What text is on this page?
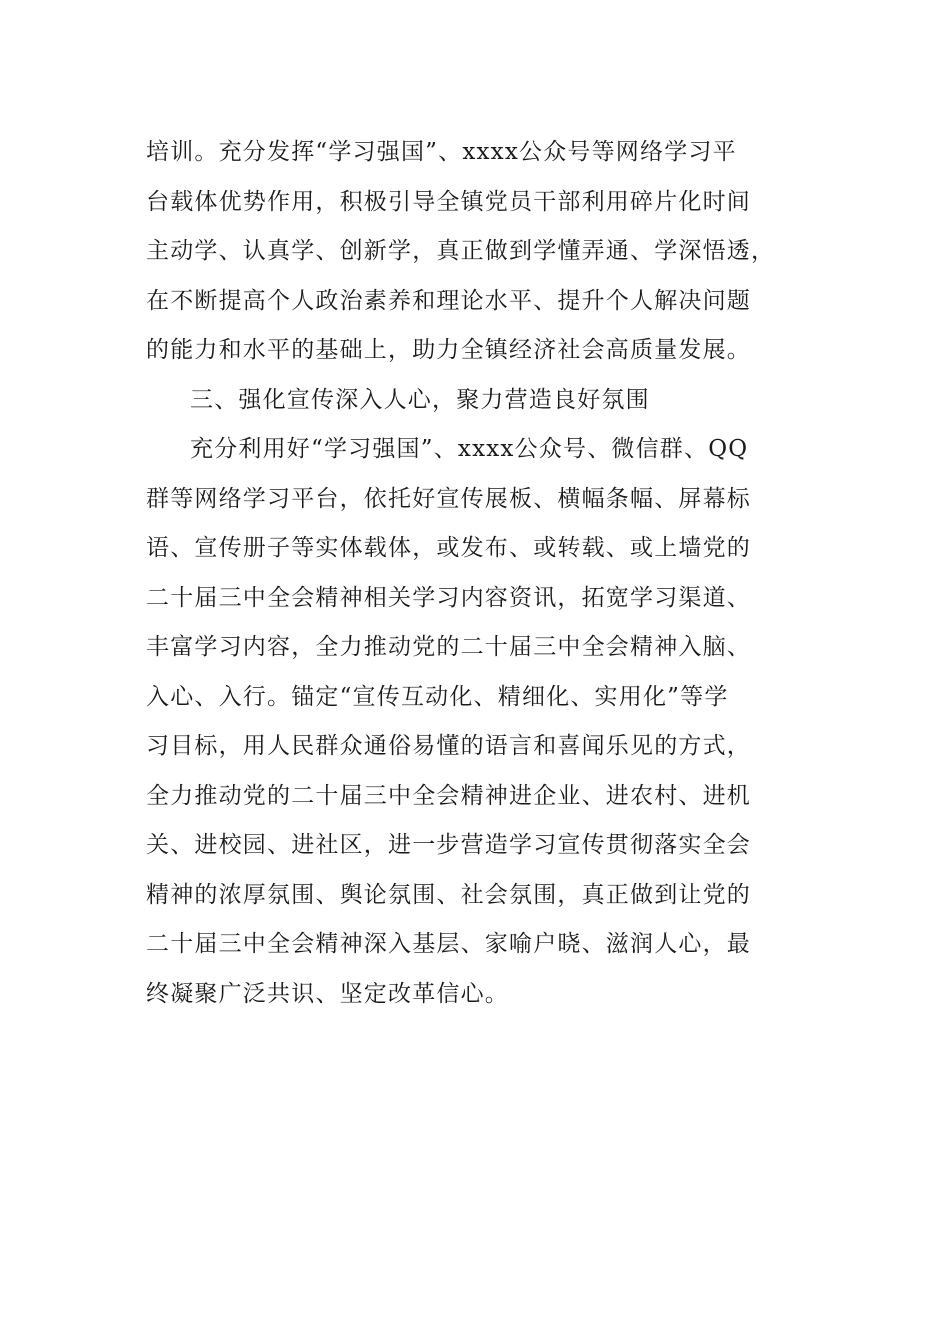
培训。充分发挥“学习强国”、xxxx公众号等网络学习平
台载体优势作用，积极引导全镇党员干部利用碎片化时间
主动学、认真学、创新学，真正做到学懂弄通、学深悟透，
在不断提高个人政治素养和理论水平、提升个人解决问题
的能力和水平的基础上，助力全镇经济社会高质量发展。
三、强化宣传深入人心，聚力营造良好氛围
充分利用好“学习强国”、xxxx公众号、微信群、QQ
群等网络学习平台，依托好宣传展板、横幅条幅、屏幕标
语、宣传册子等实体载体，或发布、或转载、或上墙党的
二十届三中全会精神相关学习内容资讯，拓宽学习渠道、
丰富学习内容，全力推动党的二十届三中全会精神入脑、
入心、入行。锚定“宣传互动化、精细化、实用化”等学
习目标，用人民群众通俗易懂的语言和喜闻乐见的方式，
全力推动党的二十届三中全会精神进企业、进农村、进机
关、进校园、进社区，进一步营造学习宣传贯彻落实全会
精神的浓厚氛围、舆论氛围、社会氛围，真正做到让党的
二十届三中全会精神深入基层、家喻户晓、滋润人心，最
终凝聚广泛共识、坚定改革信心。
